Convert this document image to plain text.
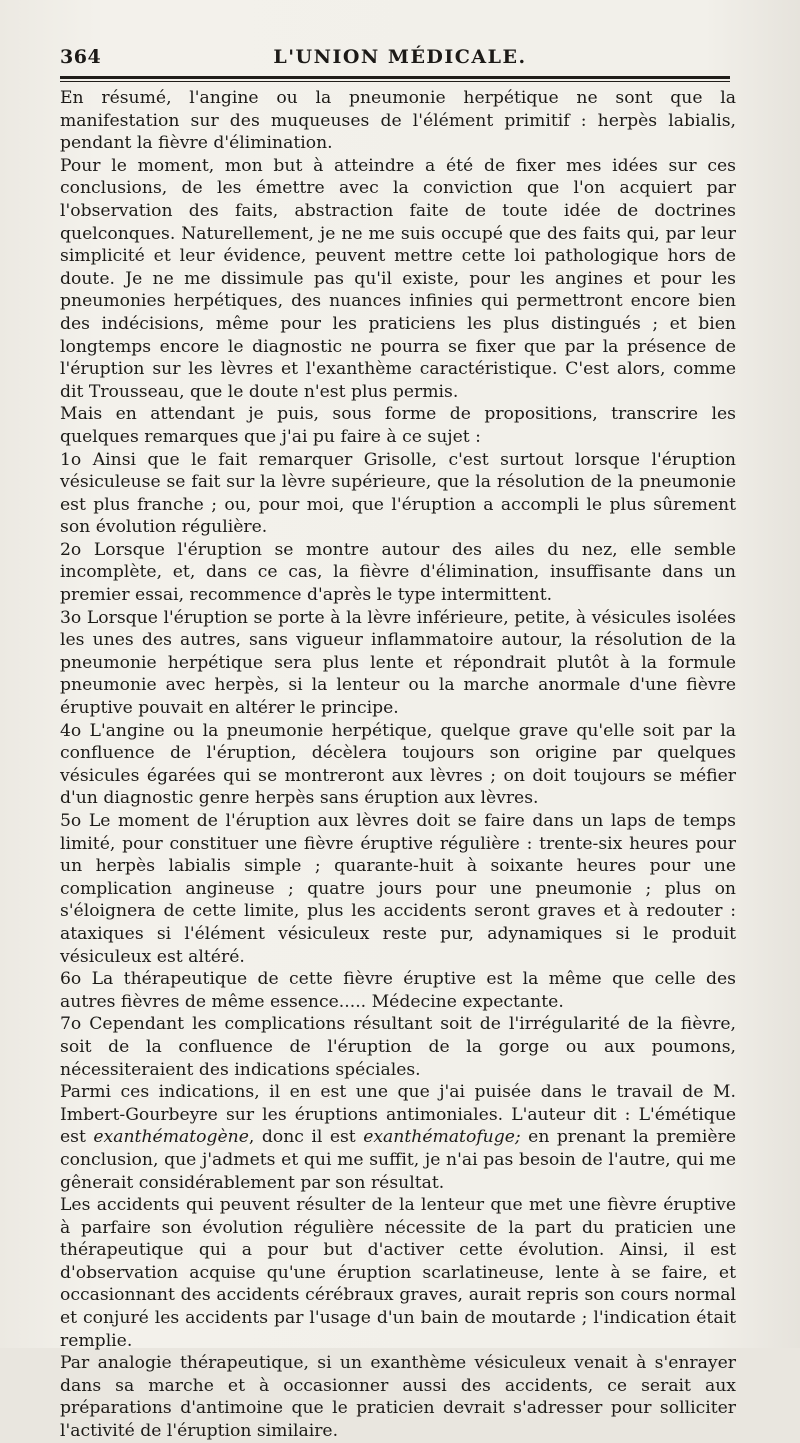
364	L'UNION MÉDICALE.

En résumé, l'angine ou la pneumonie herpétique ne sont que la manifestation sur des muqueuses de l'élément primitif : herpès labialis, pendant la fièvre d'élimination.

Pour le moment, mon but à atteindre a été de fixer mes idées sur ces conclusions, de les émettre avec la conviction que l'on acquiert par l'observation des faits, abstraction faite de toute idée de doctrines quelconques. Naturellement, je ne me suis occupé que des faits qui, par leur simplicité et leur évidence, peuvent mettre cette loi pathologique hors de doute. Je ne me dissimule pas qu'il existe, pour les angines et pour les pneumonies herpétiques, des nuances infinies qui permettront encore bien des indécisions, même pour les praticiens les plus distingués ; et bien longtemps encore le diagnostic ne pourra se fixer que par la présence de l'éruption sur les lèvres et l'exanthème caractéristique. C'est alors, comme dit Trousseau, que le doute n'est plus permis.

Mais en attendant je puis, sous forme de propositions, transcrire les quelques remarques que j'ai pu faire à ce sujet :

1o Ainsi que le fait remarquer Grisolle, c'est surtout lorsque l'éruption vésiculeuse se fait sur la lèvre supérieure, que la résolution de la pneumonie est plus franche ; ou, pour moi, que l'éruption a accompli le plus sûrement son évolution régulière.

2o Lorsque l'éruption se montre autour des ailes du nez, elle semble incomplète, et, dans ce cas, la fièvre d'élimination, insuffisante dans un premier essai, recommence d'après le type intermittent.

3o Lorsque l'éruption se porte à la lèvre inférieure, petite, à vésicules isolées les unes des autres, sans vigueur inflammatoire autour, la résolution de la pneumonie herpétique sera plus lente et répondrait plutôt à la formule pneumonie avec herpès, si la lenteur ou la marche anormale d'une fièvre éruptive pouvait en altérer le principe.

4o L'angine ou la pneumonie herpétique, quelque grave qu'elle soit par la confluence de l'éruption, décèlera toujours son origine par quelques vésicules égarées qui se montreront aux lèvres ; on doit toujours se méfier d'un diagnostic genre herpès sans éruption aux lèvres.

5o Le moment de l'éruption aux lèvres doit se faire dans un laps de temps limité, pour constituer une fièvre éruptive régulière : trente-six heures pour un herpès labialis simple ; quarante-huit à soixante heures pour une complication angineuse ; quatre jours pour une pneumonie ; plus on s'éloignera de cette limite, plus les accidents seront graves et à redouter : ataxiques si l'élément vésiculeux reste pur, adynamiques si le produit vésiculeux est altéré.

6o La thérapeutique de cette fièvre éruptive est la même que celle des autres fièvres de même essence..... Médecine expectante.

7o Cependant les complications résultant soit de l'irrégularité de la fièvre, soit de la confluence de l'éruption de la gorge ou aux poumons, nécessiteraient des indications spéciales.

Parmi ces indications, il en est une que j'ai puisée dans le travail de M. Imbert-Gourbeyre sur les éruptions antimoniales. L'auteur dit : L'émétique est exanthématogène, donc il est exanthématofuge; en prenant la première conclusion, que j'admets et qui me suffit, je n'ai pas besoin de l'autre, qui me gênerait considérablement par son résultat.

Les accidents qui peuvent résulter de la lenteur que met une fièvre éruptive à parfaire son évolution régulière nécessite de la part du praticien une thérapeutique qui a pour but d'activer cette évolution. Ainsi, il est d'observation acquise qu'une éruption scarlatineuse, lente à se faire, et occasionnant des accidents cérébraux graves, aurait repris son cours normal et conjuré les accidents par l'usage d'un bain de moutarde ; l'indication était remplie.

Par analogie thérapeutique, si un exanthème vésiculeux venait à s'enrayer dans sa marche et à occasionner aussi des accidents, ce serait aux préparations d'antimoine que le praticien devrait s'adresser pour solliciter l'activité de l'éruption similaire.
